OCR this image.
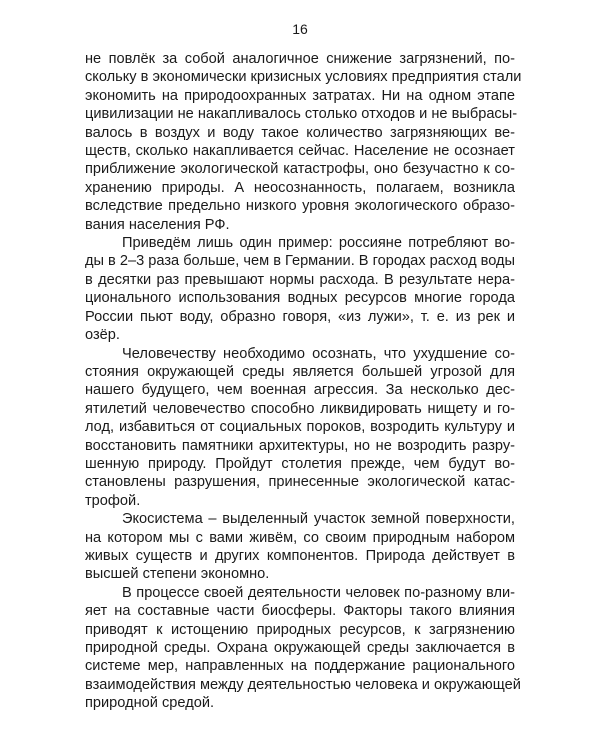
16
не повлёк за собой аналогичное снижение загрязнений, по-
скольку в экономически кризисных условиях предприятия стали
экономить на природоохранных затратах. Ни на одном этапе
цивилизации не накапливалось столько отходов и не выбрасы-
валось в воздух и воду такое количество загрязняющих ве-
ществ, сколько накапливается сейчас. Население не осознает
приближение экологической катастрофы, оно безучастно к со-
хранению природы. А неосознанность, полагаем, возникла
вследствие предельно низкого уровня экологического образо-
вания населения РФ.
Приведём лишь один пример: россияне потребляют во-
ды в 2–3 раза больше, чем в Германии. В городах расход воды
в десятки раз превышают нормы расхода. В результате нера-
ционального использования водных ресурсов многие города
России пьют воду, образно говоря, «из лужи», т. е. из рек и
озёр.
Человечеству необходимо осознать, что ухудшение со-
стояния окружающей среды является большей угрозой для
нашего будущего, чем военная агрессия. За несколько дес-
ятилетий человечество способно ликвидировать нищету и го-
лод, избавиться от социальных пороков, возродить культуру и
восстановить памятники архитектуры, но не возродить разру-
шенную природу. Пройдут столетия прежде, чем будут во-
становлены разрушения, принесенные экологической катас-
трофой.
Экосистема – выделенный участок земной поверхности,
на котором мы с вами живём, со своим природным набором
живых существ и других компонентов. Природа действует в
высшей степени экономно.
В процессе своей деятельности человек по-разному вли-
яет на составные части биосферы. Факторы такого влияния
приводят к истощению природных ресурсов, к загрязнению
природной среды. Охрана окружающей среды заключается в
системе мер, направленных на поддержание рационального
взаимодействия между деятельностью человека и окружающей
природной средой.
